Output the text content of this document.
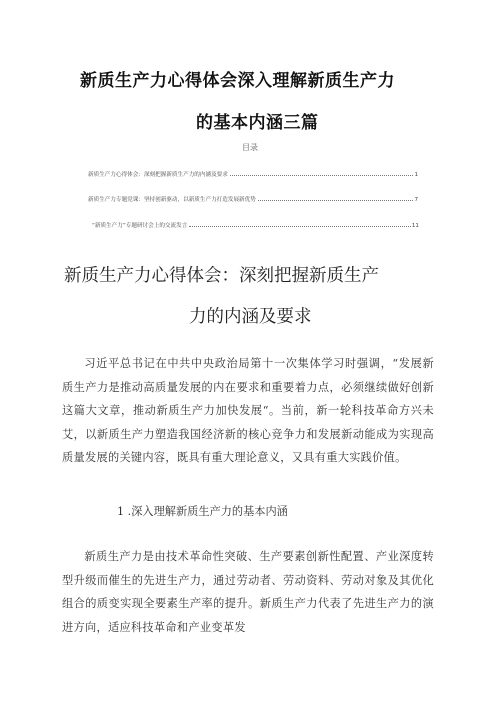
新质生产力心得体会深入理解新质生产力
的基本内涵三篇
目录
新质生产力心得体会：深刻把握新质生产力的内涵及要求	1
新质生产力专题党课：坚持创新驱动，以新质生产力打造发展新优势	7
“新质生产力”专题研讨会上的交流发言	11
新质生产力心得体会：深刻把握新质生产
力的内涵及要求

习近平总书记在中共中央政治局第十一次集体学习时强调，“发展新质生产力是推动高质量发展的内在要求和重要着力点，必须继续做好创新这篇大文章，推动新质生产力加快发展“。当前，新一轮科技革命方兴未艾，以新质生产力塑造我国经济新的核心竞争力和发展新动能成为实现高质量发展的关键内容，既具有重大理论意义，又具有重大实践价值。

1 .深入理解新质生产力的基本内涵

新质生产力是由技术革命性突破、生产要素创新性配置、产业深度转型升级而催生的先进生产力，通过劳动者、劳动资料、劳动对象及其优化组合的质变实现全要素生产率的提升。新质生产力代表了先进生产力的演进方向，适应科技革命和产业变革发
